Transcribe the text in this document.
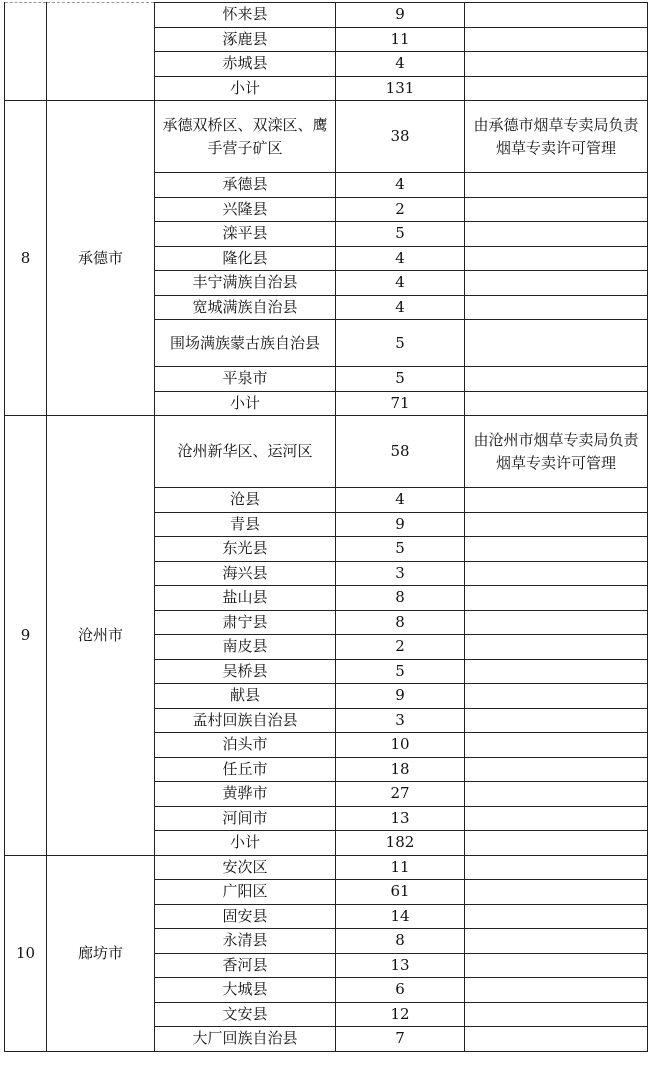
		怀来县	9	
		涿鹿县	11	
		赤城县	4	
		小计	131	
8	承德市	承德双桥区、双滦区、鹰手营子矿区	38	由承德市烟草专卖局负责烟草专卖许可管理
		承德县	4	
		兴隆县	2	
		滦平县	5	
		隆化县	4	
		丰宁满族自治县	4	
		宽城满族自治县	4	
		围场满族蒙古族自治县	5	
		平泉市	5	
		小计	71	
9	沧州市	沧州新华区、运河区	58	由沧州市烟草专卖局负责烟草专卖许可管理
		沧县	4	
		青县	9	
		东光县	5	
		海兴县	3	
		盐山县	8	
		肃宁县	8	
		南皮县	2	
		吴桥县	5	
		献县	9	
		孟村回族自治县	3	
		泊头市	10	
		任丘市	18	
		黄骅市	27	
		河间市	13	
		小计	182	
10	廊坊市	安次区	11	
		广阳区	61	
		固安县	14	
		永清县	8	
		香河县	13	
		大城县	6	
		文安县	12	
		大厂回族自治县	7	
